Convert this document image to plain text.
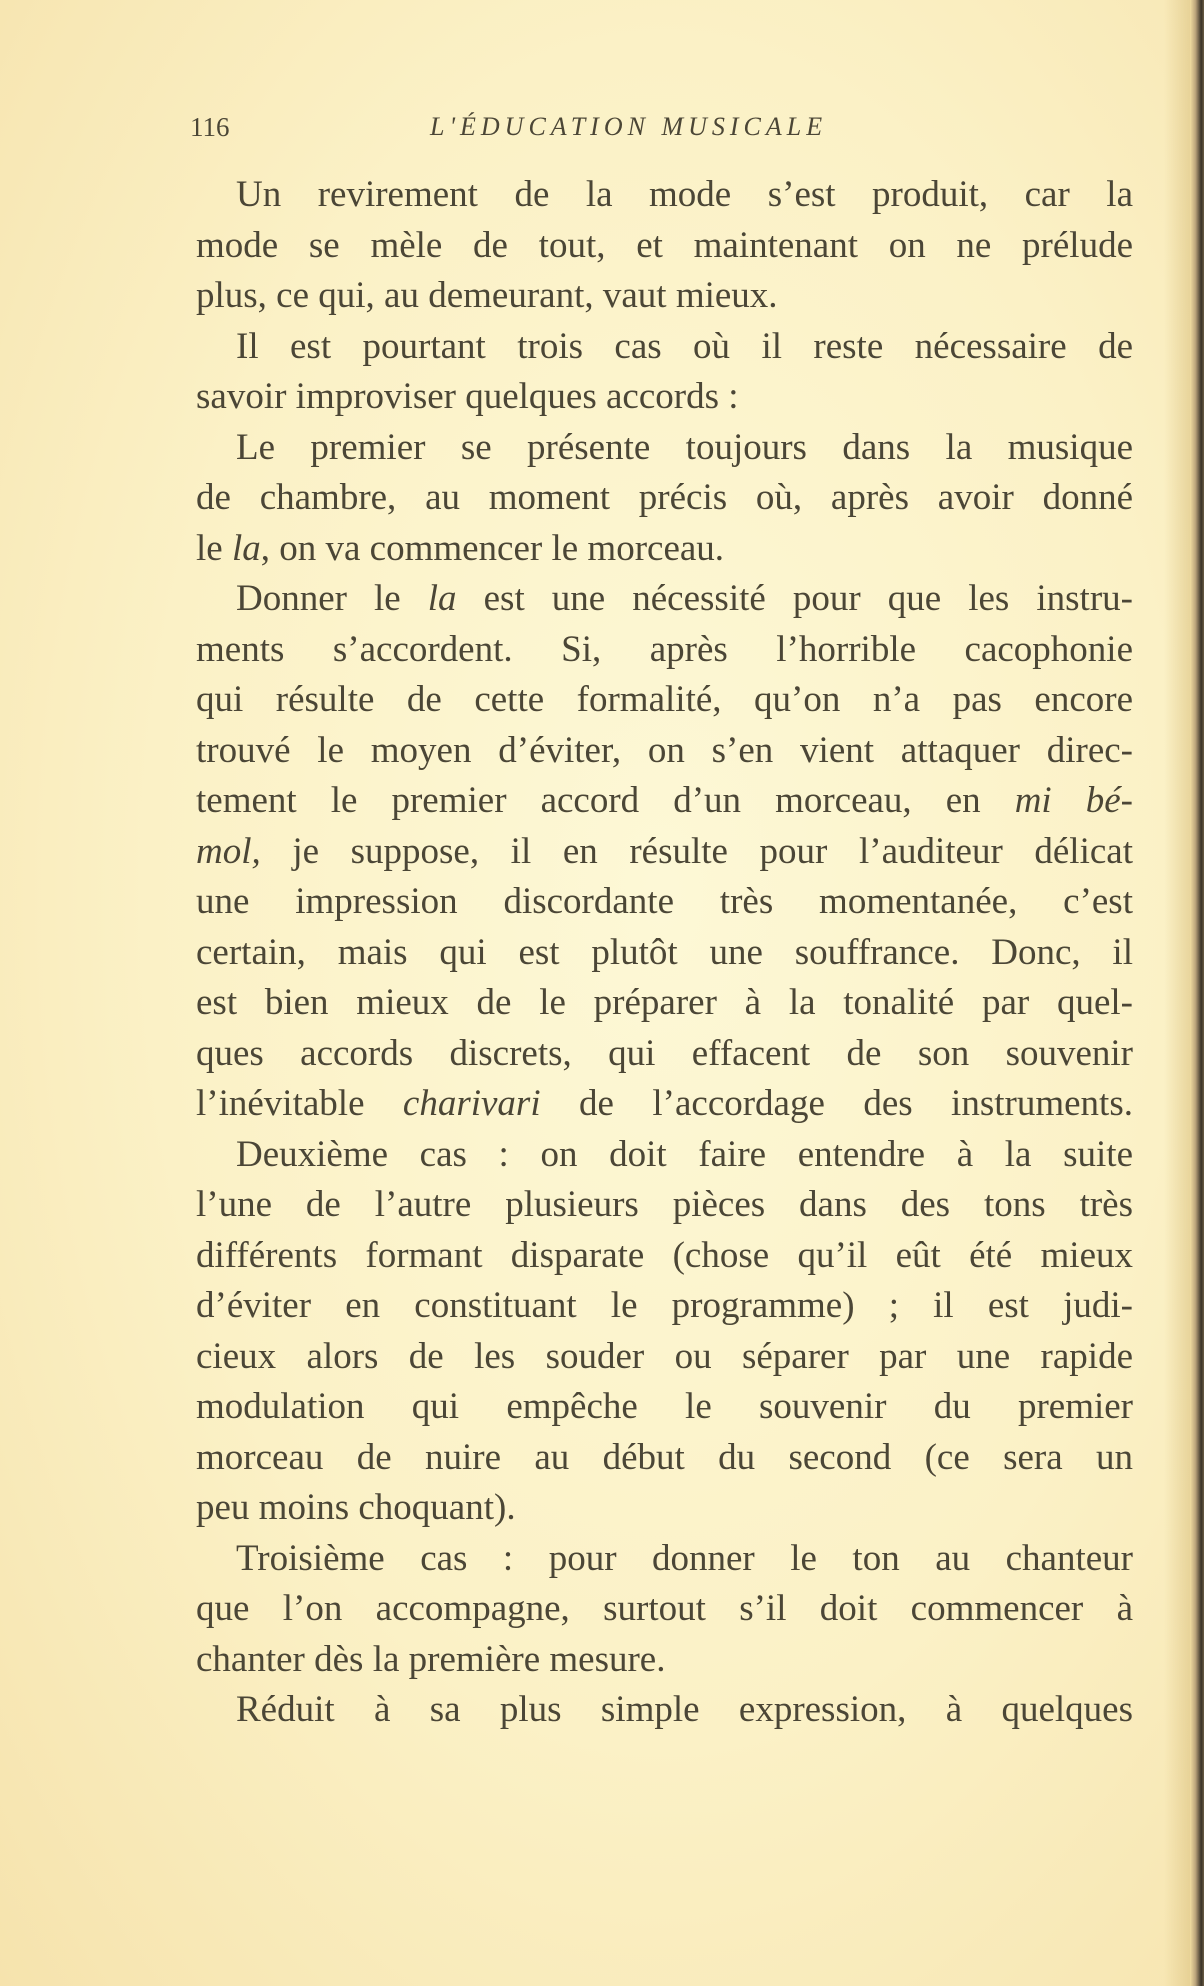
116	L'ÉDUCATION MUSICALE
Un revirement de la mode s’est produit, car la
mode se mèle de tout, et maintenant on ne prélude
plus, ce qui, au demeurant, vaut mieux.
Il est pourtant trois cas où il reste nécessaire de
savoir improviser quelques accords :
Le premier se présente toujours dans la musique
de chambre, au moment précis où, après avoir donné
le la, on va commencer le morceau.
Donner le la est une nécessité pour que les instru-
ments s’accordent. Si, après l’horrible cacophonie
qui résulte de cette formalité, qu’on n’a pas encore
trouvé le moyen d’éviter, on s’en vient attaquer direc-
tement le premier accord d’un morceau, en mi bé-
mol, je suppose, il en résulte pour l’auditeur délicat
une impression discordante très momentanée, c’est
certain, mais qui est plutôt une souffrance. Donc, il
est bien mieux de le préparer à la tonalité par quel-
ques accords discrets, qui effacent de son souvenir
l’inévitable charivari de l’accordage des instruments.
Deuxième cas : on doit faire entendre à la suite
l’une de l’autre plusieurs pièces dans des tons très
différents formant disparate (chose qu’il eût été mieux
d’éviter en constituant le programme) ; il est judi-
cieux alors de les souder ou séparer par une rapide
modulation qui empêche le souvenir du premier
morceau de nuire au début du second (ce sera un
peu moins choquant).
Troisième cas : pour donner le ton au chanteur
que l’on accompagne, surtout s’il doit commencer à
chanter dès la première mesure.
Réduit à sa plus simple expression, à quelques
